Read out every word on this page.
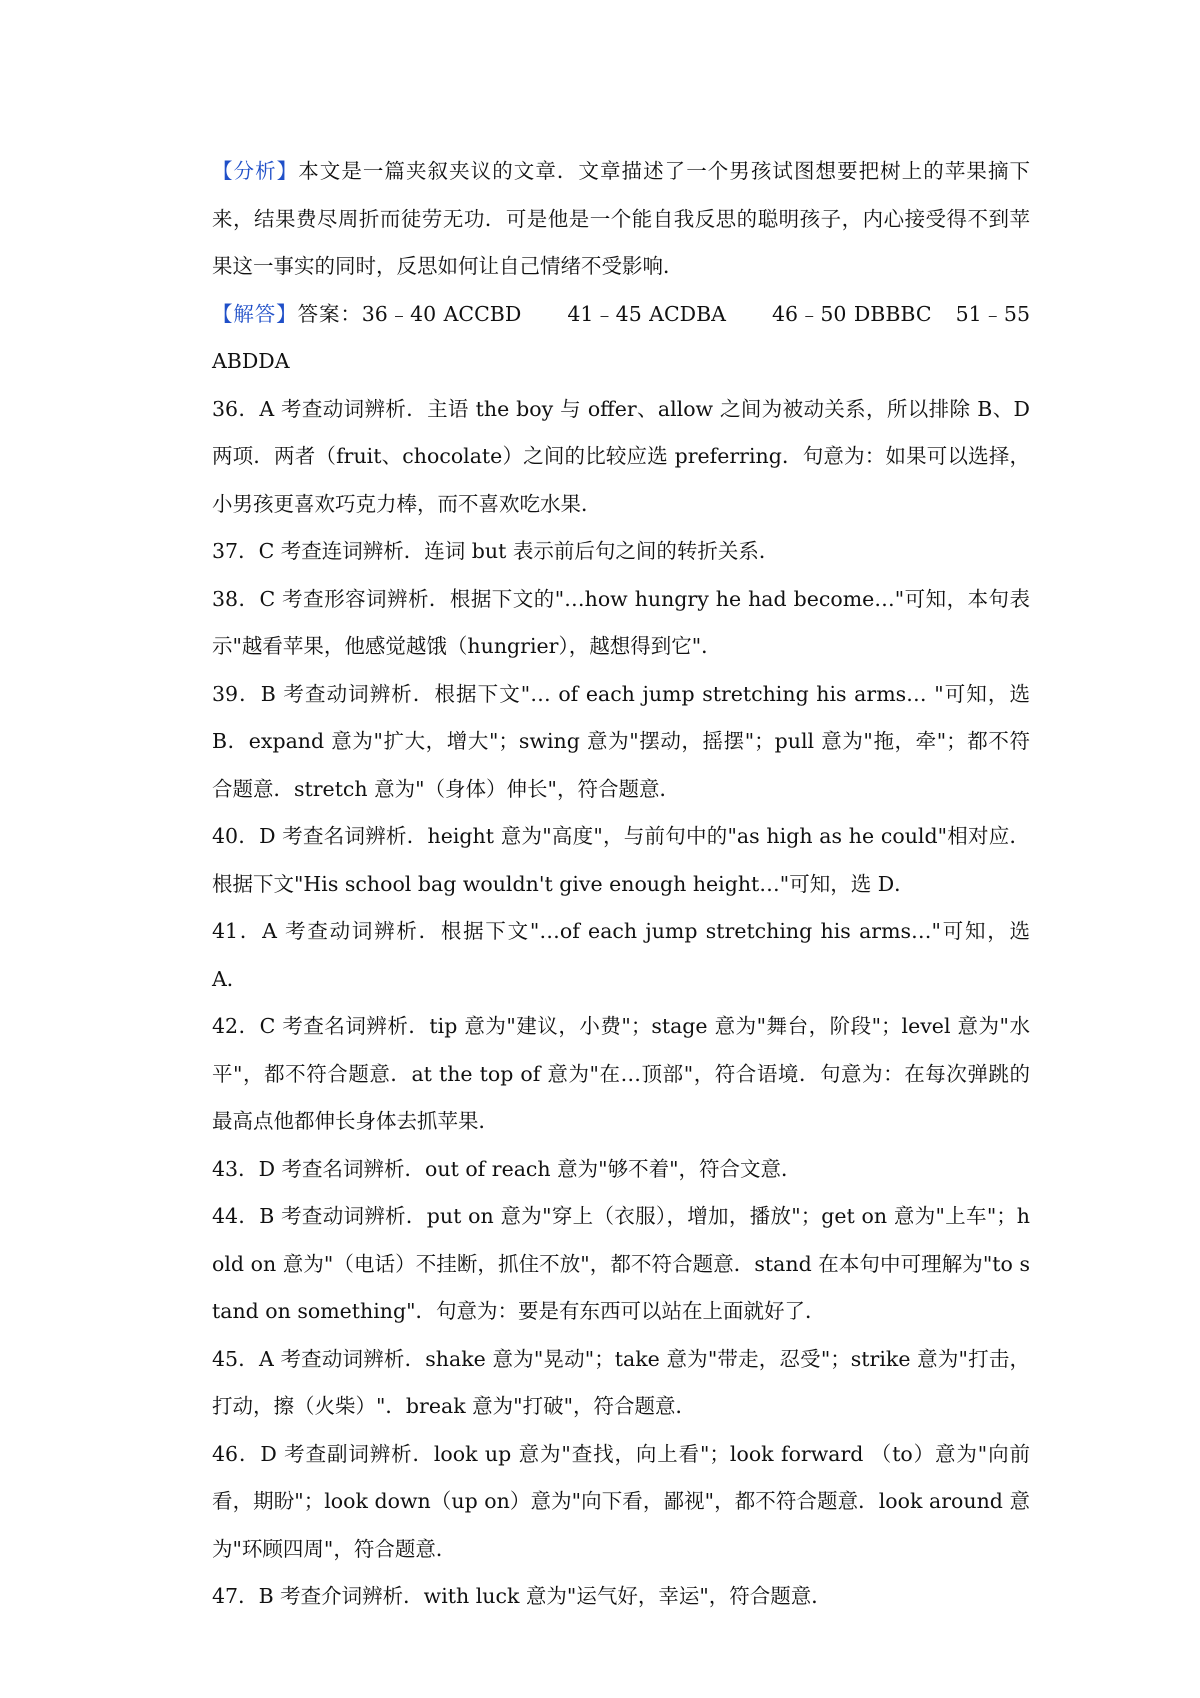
【分析】本文是一篇夹叙夹议的文章．文章描述了一个男孩试图想要把树上的苹果摘下来，结果费尽周折而徒劳无功．可是他是一个能自我反思的聪明孩子，内心接受得不到苹果这一事实的同时，反思如何让自己情绪不受影响．

【解答】答案：36﹣40 ACCBD 41﹣45 ACDBA 46﹣50 DBBBC 51﹣55 ABDDA

36．A 考查动词辨析．主语 the boy 与 offer、allow 之间为被动关系，所以排除 B、D 两项．两者（fruit、chocolate）之间的比较应选 preferring．句意为：如果可以选择，小男孩更喜欢巧克力棒，而不喜欢吃水果．

37．C 考查连词辨析．连词 but 表示前后句之间的转折关系．

38．C 考查形容词辨析．根据下文的"…how hungry he had become…"可知，本句表示"越看苹果，他感觉越饿（hungrier），越想得到它"．

39．B 考查动词辨析．根据下文"… of each jump stretching his arms… "可知，选 B．expand 意为"扩大，增大"；swing 意为"摆动，摇摆"；pull 意为"拖，牵"；都不符合题意．stretch 意为"（身体）伸长"，符合题意．

40．D 考查名词辨析．height 意为"高度"，与前句中的"as high as he could"相对应．根据下文"His school bag wouldn't give enough height…"可知，选 D．

41．A 考查动词辨析．根据下文"…of each jump stretching his arms…"可知，选 A．

42．C 考查名词辨析．tip 意为"建议，小费"；stage 意为"舞台，阶段"；level 意为"水平"，都不符合题意．at the top of 意为"在…顶部"，符合语境．句意为：在每次弹跳的最高点他都伸长身体去抓苹果．

43．D 考查名词辨析．out of reach 意为"够不着"，符合文意．

44．B 考查动词辨析．put on 意为"穿上（衣服），增加，播放"；get on 意为"上车"；hold on 意为"（电话）不挂断，抓住不放"，都不符合题意．stand 在本句中可理解为"to stand on something"．句意为：要是有东西可以站在上面就好了．

45．A 考查动词辨析．shake 意为"晃动"；take 意为"带走，忍受"；strike 意为"打击，打动，擦（火柴）"．break 意为"打破"，符合题意．

46．D 考查副词辨析．look up 意为"查找，向上看"；look forward （to）意为"向前看，期盼"；look down（up on）意为"向下看，鄙视"，都不符合题意．look around 意为"环顾四周"，符合题意．

47．B 考查介词辨析．with luck 意为"运气好，幸运"，符合题意．
